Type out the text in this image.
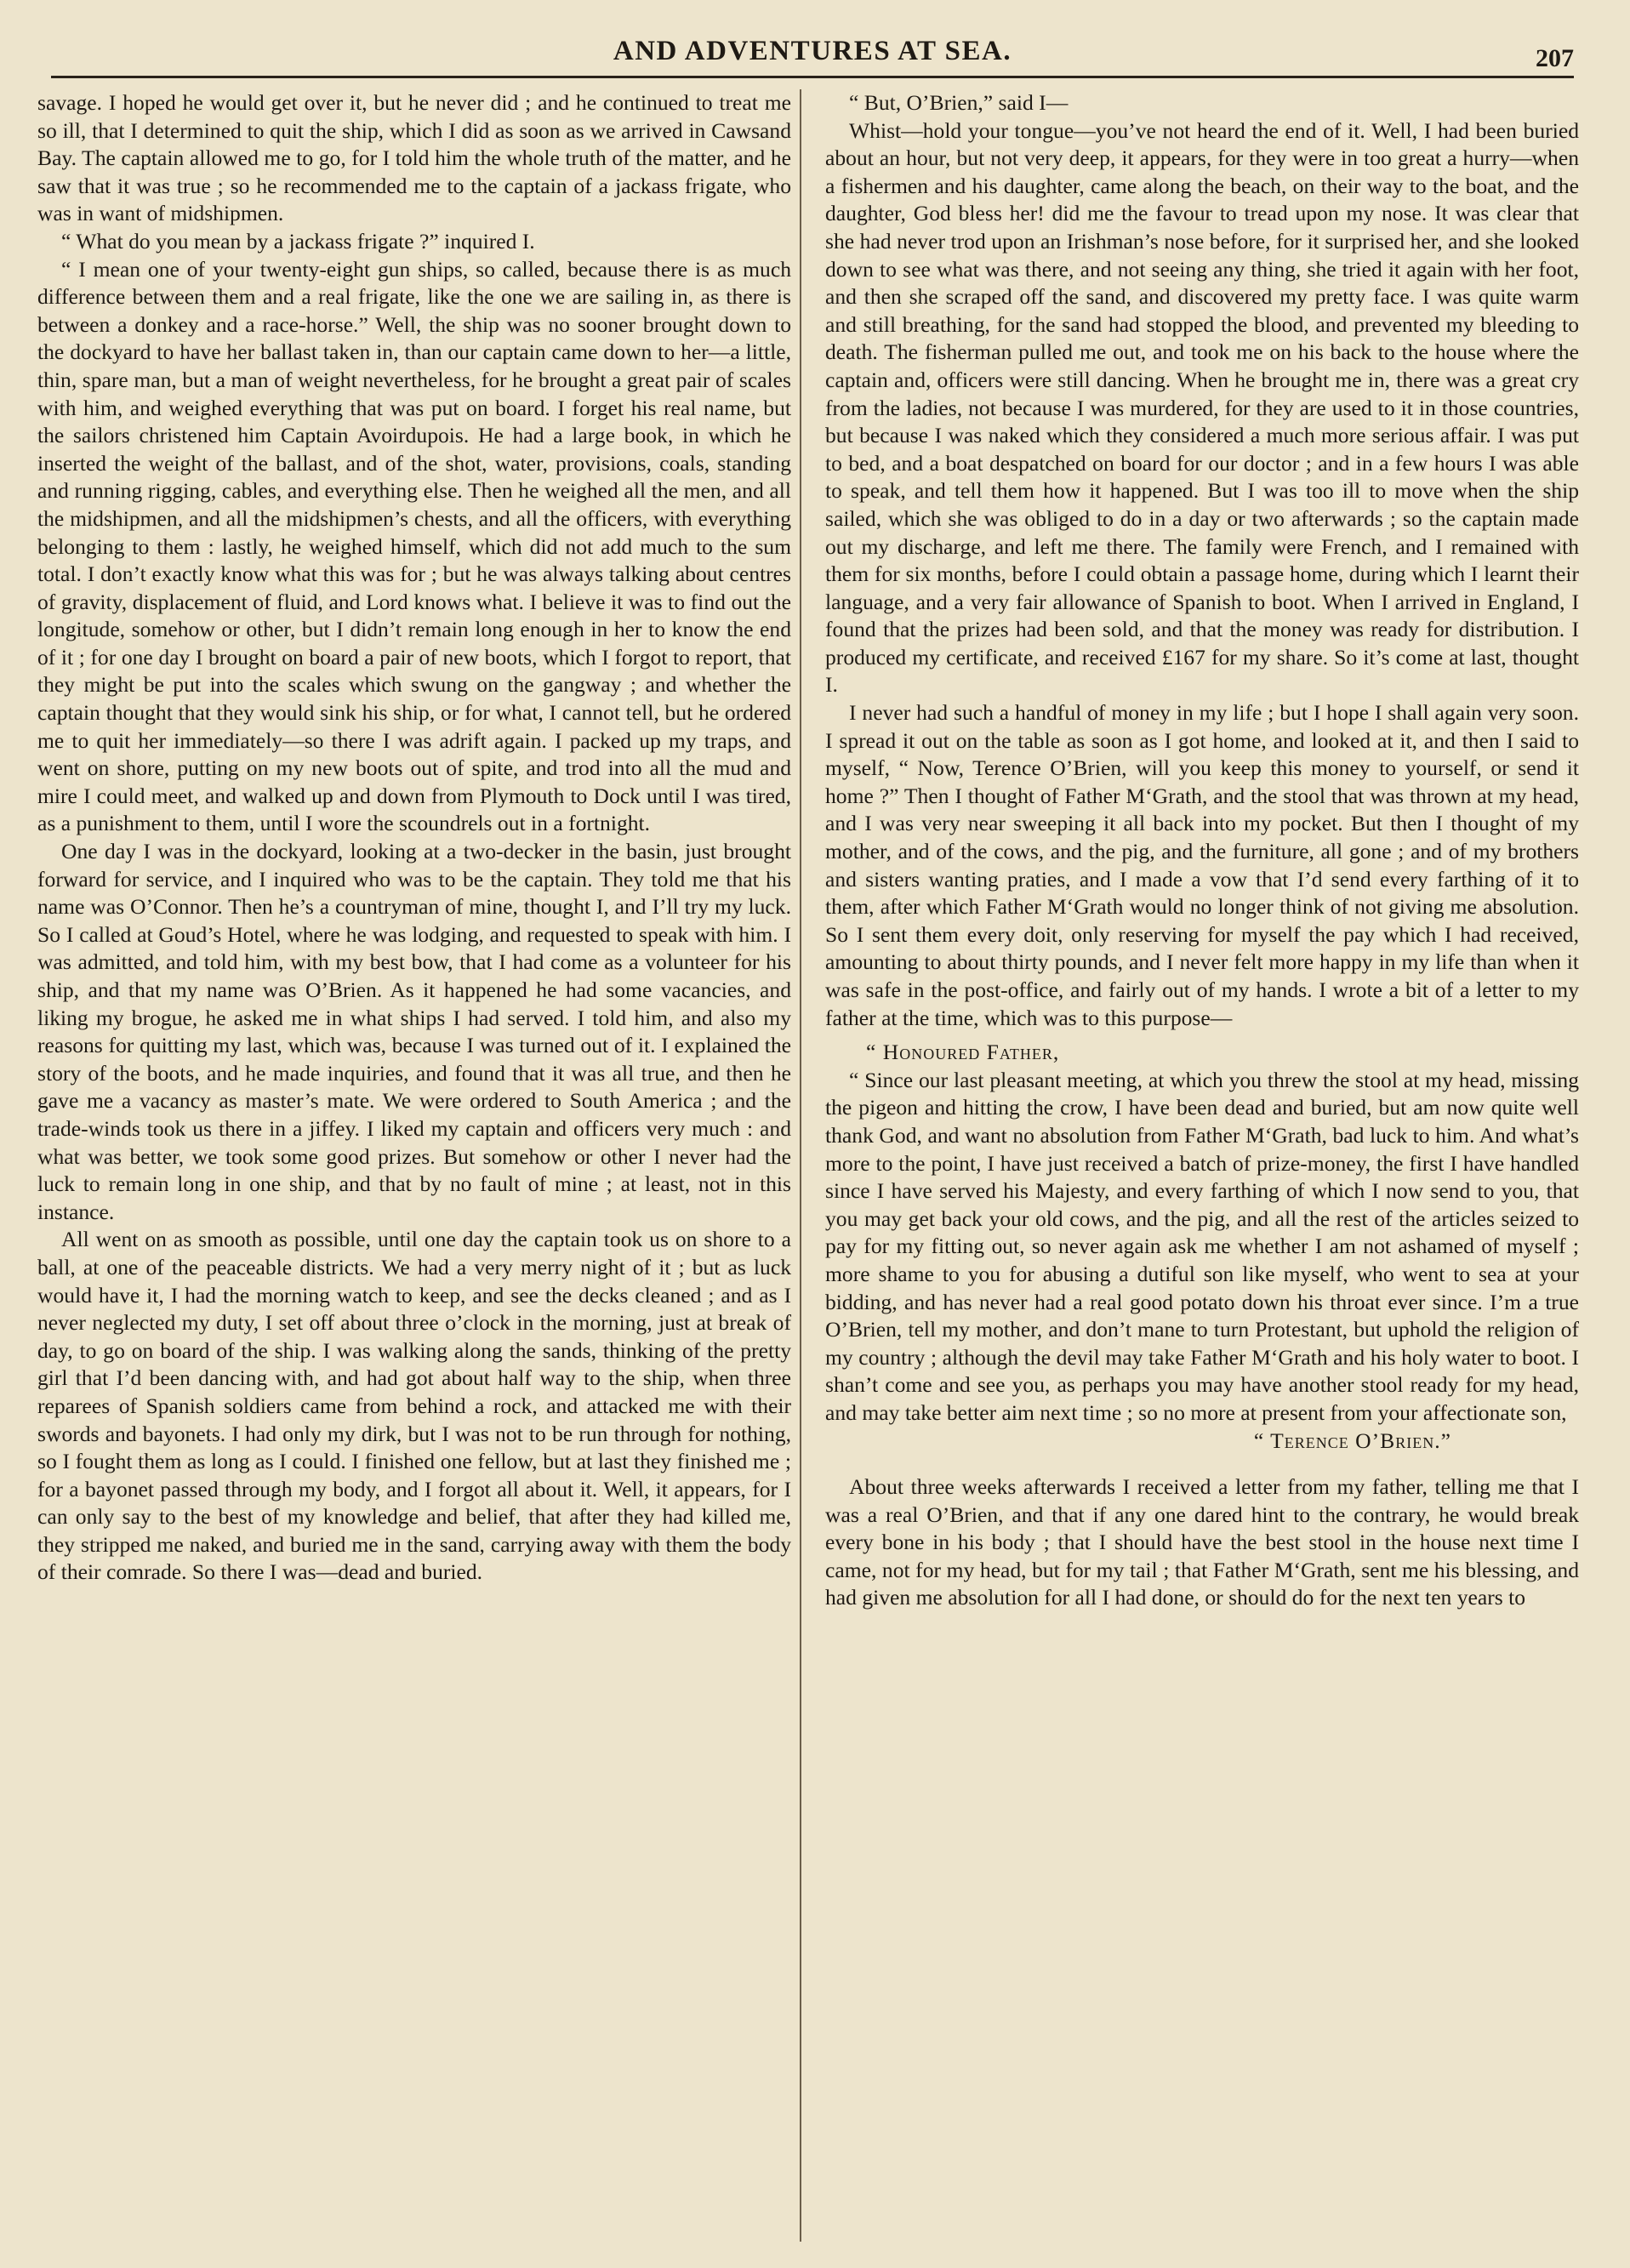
AND ADVENTURES AT SEA.	207

savage. I hoped he would get over it, but he never did ; and he continued to treat me so ill, that I determined to quit the ship, which I did as soon as we arrived in Cawsand Bay. The captain allowed me to go, for I told him the whole truth of the matter, and he saw that it was true ; so he recommended me to the captain of a jackass frigate, who was in want of midshipmen.

“ What do you mean by a jackass frigate ?” inquired I.

“ I mean one of your twenty-eight gun ships, so called, because there is as much difference between them and a real frigate, like the one we are sailing in, as there is between a donkey and a race-horse.” Well, the ship was no sooner brought down to the dockyard to have her ballast taken in, than our captain came down to her—a little, thin, spare man, but a man of weight nevertheless, for he brought a great pair of scales with him, and weighed everything that was put on board. I forget his real name, but the sailors christened him Captain Avoirdupois. He had a large book, in which he inserted the weight of the ballast, and of the shot, water, provisions, coals, standing and running rigging, cables, and everything else. Then he weighed all the men, and all the midshipmen, and all the midshipmen’s chests, and all the officers, with everything belonging to them : lastly, he weighed himself, which did not add much to the sum total. I don’t exactly know what this was for ; but he was always talking about centres of gravity, displacement of fluid, and Lord knows what. I believe it was to find out the longitude, somehow or other, but I didn’t remain long enough in her to know the end of it ; for one day I brought on board a pair of new boots, which I forgot to report, that they might be put into the scales which swung on the gangway ; and whether the captain thought that they would sink his ship, or for what, I cannot tell, but he ordered me to quit her immediately—so there I was adrift again. I packed up my traps, and went on shore, putting on my new boots out of spite, and trod into all the mud and mire I could meet, and walked up and down from Plymouth to Dock until I was tired, as a punishment to them, until I wore the scoundrels out in a fortnight.

One day I was in the dockyard, looking at a two-decker in the basin, just brought forward for service, and I inquired who was to be the captain. They told me that his name was O’Connor. Then he’s a countryman of mine, thought I, and I’ll try my luck. So I called at Goud’s Hotel, where he was lodging, and requested to speak with him. I was admitted, and told him, with my best bow, that I had come as a volunteer for his ship, and that my name was O’Brien. As it happened he had some vacancies, and liking my brogue, he asked me in what ships I had served. I told him, and also my reasons for quitting my last, which was, because I was turned out of it. I explained the story of the boots, and he made inquiries, and found that it was all true, and then he gave me a vacancy as master’s mate. We were ordered to South America ; and the trade-winds took us there in a jiffey. I liked my captain and officers very much : and what was better, we took some good prizes. But somehow or other I never had the luck to remain long in one ship, and that by no fault of mine ; at least, not in this instance.

All went on as smooth as possible, until one day the captain took us on shore to a ball, at one of the peaceable districts. We had a very merry night of it ; but as luck would have it, I had the morning watch to keep, and see the decks cleaned ; and as I never neglected my duty, I set off about three o’clock in the morning, just at break of day, to go on board of the ship. I was walking along the sands, thinking of the pretty girl that I’d been dancing with, and had got about half way to the ship, when three reparees of Spanish soldiers came from behind a rock, and attacked me with their swords and bayonets. I had only my dirk, but I was not to be run through for nothing, so I fought them as long as I could. I finished one fellow, but at last they finished me ; for a bayonet passed through my body, and I forgot all about it. Well, it appears, for I can only say to the best of my knowledge and belief, that after they had killed me, they stripped me naked, and buried me in the sand, carrying away with them the body of their comrade. So there I was—dead and buried.

“ But, O’Brien,” said I—

Whist—hold your tongue—you’ve not heard the end of it. Well, I had been buried about an hour, but not very deep, it appears, for they were in too great a hurry—when a fishermen and his daughter, came along the beach, on their way to the boat, and the daughter, God bless her! did me the favour to tread upon my nose. It was clear that she had never trod upon an Irishman’s nose before, for it surprised her, and she looked down to see what was there, and not seeing any thing, she tried it again with her foot, and then she scraped off the sand, and discovered my pretty face. I was quite warm and still breathing, for the sand had stopped the blood, and prevented my bleeding to death. The fisherman pulled me out, and took me on his back to the house where the captain and, officers were still dancing. When he brought me in, there was a great cry from the ladies, not because I was murdered, for they are used to it in those countries, but because I was naked which they considered a much more serious affair. I was put to bed, and a boat despatched on board for our doctor ; and in a few hours I was able to speak, and tell them how it happened. But I was too ill to move when the ship sailed, which she was obliged to do in a day or two afterwards ; so the captain made out my discharge, and left me there. The family were French, and I remained with them for six months, before I could obtain a passage home, during which I learnt their language, and a very fair allowance of Spanish to boot. When I arrived in England, I found that the prizes had been sold, and that the money was ready for distribution. I produced my certificate, and received £167 for my share. So it’s come at last, thought I.

I never had such a handful of money in my life ; but I hope I shall again very soon. I spread it out on the table as soon as I got home, and looked at it, and then I said to myself, “ Now, Terence O’Brien, will you keep this money to yourself, or send it home ?” Then I thought of Father M‘Grath, and the stool that was thrown at my head, and I was very near sweeping it all back into my pocket. But then I thought of my mother, and of the cows, and the pig, and the furniture, all gone ; and of my brothers and sisters wanting praties, and I made a vow that I’d send every farthing of it to them, after which Father M‘Grath would no longer think of not giving me absolution. So I sent them every doit, only reserving for myself the pay which I had received, amounting to about thirty pounds, and I never felt more happy in my life than when it was safe in the post-office, and fairly out of my hands. I wrote a bit of a letter to my father at the time, which was to this purpose—

“ Honoured Father,

“ Since our last pleasant meeting, at which you threw the stool at my head, missing the pigeon and hitting the crow, I have been dead and buried, but am now quite well thank God, and want no absolution from Father M‘Grath, bad luck to him. And what’s more to the point, I have just received a batch of prize-money, the first I have handled since I have served his Majesty, and every farthing of which I now send to you, that you may get back your old cows, and the pig, and all the rest of the articles seized to pay for my fitting out, so never again ask me whether I am not ashamed of myself ; more shame to you for abusing a dutiful son like myself, who went to sea at your bidding, and has never had a real good potato down his throat ever since. I’m a true O’Brien, tell my mother, and don’t mane to turn Protestant, but uphold the religion of my country ; although the devil may take Father M‘Grath and his holy water to boot. I shan’t come and see you, as perhaps you may have another stool ready for my head, and may take better aim next time ; so no more at present from your affectionate son,

“ Terence O’Brien.”

About three weeks afterwards I received a letter from my father, telling me that I was a real O’Brien, and that if any one dared hint to the contrary, he would break every bone in his body ; that I should have the best stool in the house next time I came, not for my head, but for my tail ; that Father M‘Grath, sent me his blessing, and had given me absolution for all I had done, or should do for the next ten years to
